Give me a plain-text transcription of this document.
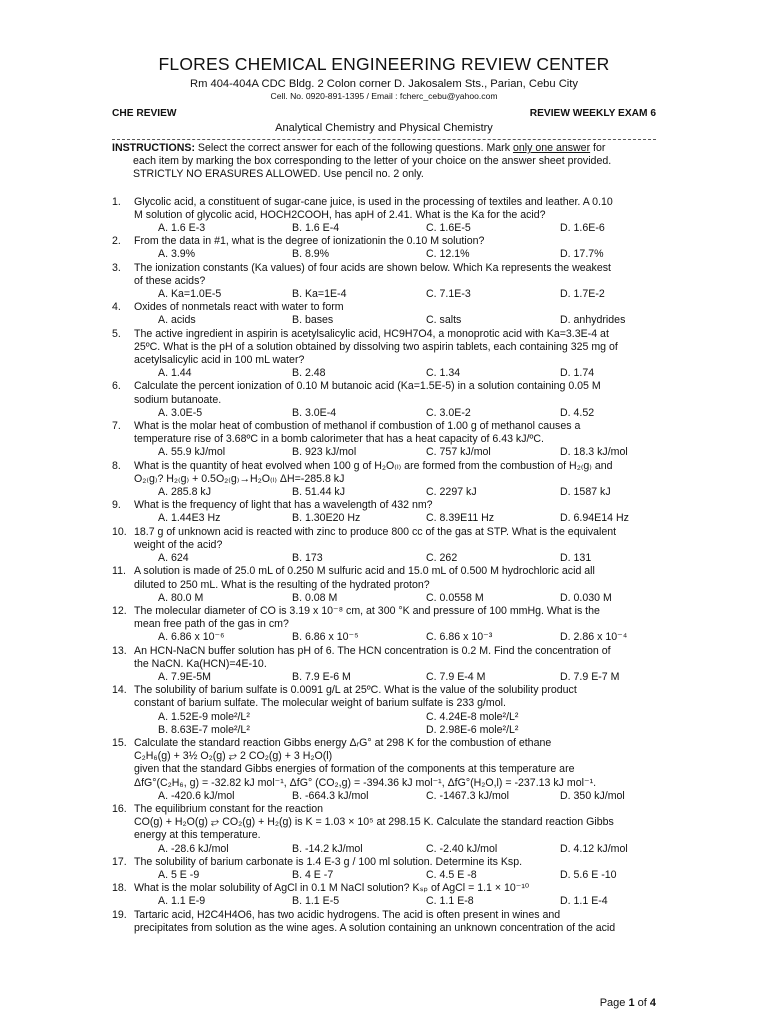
FLORES CHEMICAL ENGINEERING REVIEW CENTER
Rm 404-404A CDC Bldg. 2 Colon corner D. Jakosalem Sts., Parian, Cebu City
Cell. No. 0920-891-1395 / Email : fcherc_cebu@yahoo.com
CHE REVIEW	REVIEW WEEKLY EXAM 6
Analytical Chemistry and Physical Chemistry
INSTRUCTIONS: Select the correct answer for each of the following questions. Mark only one answer for
each item by marking the box corresponding to the letter of your choice on the answer sheet provided.
STRICTLY NO ERASURES ALLOWED. Use pencil no. 2 only.
1.	Glycolic acid, a constituent of sugar-cane juice, is used in the processing of textiles and leather. A 0.10
M solution of glycolic acid, HOCH2COOH, has apH of 2.41. What is the Ka for the acid?
A. 1.6 E-3	B. 1.6 E-4	C. 1.6E-5	D. 1.6E-6
2.	From the data in #1, what is the degree of ionizationin the 0.10 M solution?
A. 3.9%	B. 8.9%	C. 12.1%	D. 17.7%
3.	The ionization constants (Ka values) of four acids are shown below. Which Ka represents the weakest
of these acids?
A. Ka=1.0E-5	B. Ka=1E-4	C. 7.1E-3	D. 1.7E-2
4.	Oxides of nonmetals react with water to form
A. acids	B. bases	C. salts	D. anhydrides
5.	The active ingredient in aspirin is acetylsalicylic acid, HC9H7O4, a monoprotic acid with Ka=3.3E-4 at
25ºC. What is the pH of a solution obtained by dissolving two aspirin tablets, each containing 325 mg of
acetylsalicylic acid in 100 mL water?
A. 1.44	B. 2.48	C. 1.34	D. 1.74
6.	Calculate the percent ionization of 0.10 M butanoic acid (Ka=1.5E-5) in a solution containing 0.05 M
sodium butanoate.
A. 3.0E-5	B. 3.0E-4	C. 3.0E-2	D. 4.52
7.	What is the molar heat of combustion of methanol if combustion of 1.00 g of methanol causes a
temperature rise of 3.68ºC in a bomb calorimeter that has a heat capacity of 6.43 kJ/ºC.
A. 55.9 kJ/mol	B. 923 kJ/mol	C. 757 kJ/mol	D. 18.3 kJ/mol
8.	What is the quantity of heat evolved when 100 g of H₂O₍ₗ₎ are formed from the combustion of H₂₍g₎ and
O₂₍g₎? H₂₍g₎ + 0.5O₂₍g₎→H₂O₍ₗ₎ ΔH=-285.8 kJ
A. 285.8 kJ	B. 51.44 kJ	C. 2297 kJ	D. 1587 kJ
9.	What is the frequency of light that has a wavelength of 432 nm?
A. 1.44E3 Hz	B. 1.30E20 Hz	C. 8.39E11 Hz	D. 6.94E14 Hz
10. 18.7 g of unknown acid is reacted with zinc to produce 800 cc of the gas at STP. What is the equivalent
weight of the acid?
A. 624	B. 173	C. 262	D. 131
11. A solution is made of 25.0 mL of 0.250 M sulfuric acid and 15.0 mL of 0.500 M hydrochloric acid all
diluted to 250 mL. What is the resulting of the hydrated proton?
A. 80.0 M	B. 0.08 M	C. 0.0558 M	D. 0.030 M
12. The molecular diameter of CO is 3.19 x 10⁻⁸ cm, at 300 °K and pressure of 100 mmHg. What is the
mean free path of the gas in cm?
A. 6.86 x 10⁻⁶	B. 6.86 x 10⁻⁵	C. 6.86 x 10⁻³	D. 2.86 x 10⁻⁴
13. An HCN-NaCN buffer solution has pH of 6. The HCN concentration is 0.2 M. Find the concentration of
the NaCN. Ka(HCN)=4E-10.
A. 7.9E-5M	B. 7.9 E-6 M	C. 7.9 E-4 M	D. 7.9 E-7 M
14. The solubility of barium sulfate is 0.0091 g/L at 25ºC. What is the value of the solubility product
constant of barium sulfate. The molecular weight of barium sulfate is 233 g/mol.
A. 1.52E-9 mole²/L²	C. 4.24E-8 mole²/L²
B. 8.63E-7 mole²/L²	D. 2.98E-6 mole²/L²
15. Calculate the standard reaction Gibbs energy ΔᵣG° at 298 K for the combustion of ethane
C₂H₆(g) + 3½ O₂(g) ⥂ 2 CO₂(g) + 3 H₂O(l)
given that the standard Gibbs energies of formation of the components at this temperature are
ΔfG°(C₂H₆, g) = -32.82 kJ mol⁻¹, ΔfG° (CO₂,g) = -394.36 kJ mol⁻¹, ΔfG°(H₂O,l) = -237.13 kJ mol⁻¹.
A. -420.6 kJ/mol	B. -664.3 kJ/mol	C. -1467.3 kJ/mol	D. 350 kJ/mol
16. The equilibrium constant for the reaction
CO(g) + H₂O(g) ⥂ CO₂(g) + H₂(g) is K = 1.03 × 10⁵ at 298.15 K. Calculate the standard reaction Gibbs
energy at this temperature.
A. -28.6 kJ/mol	B. -14.2 kJ/mol	C. -2.40 kJ/mol	D. 4.12 kJ/mol
17. The solubility of barium carbonate is 1.4 E-3 g / 100 ml solution. Determine its Ksp.
A. 5 E -9	B. 4 E -7	C. 4.5 E -8	D. 5.6 E -10
18. What is the molar solubility of AgCl in 0.1 M NaCl solution? Kₛₚ of AgCl = 1.1 × 10⁻¹⁰
A. 1.1 E-9	B. 1.1 E-5	C. 1.1 E-8	D. 1.1 E-4
19. Tartaric acid, H2C4H4O6, has two acidic hydrogens. The acid is often present in wines and
precipitates from solution as the wine ages. A solution containing an unknown concentration of the acid
Page 1 of 4
